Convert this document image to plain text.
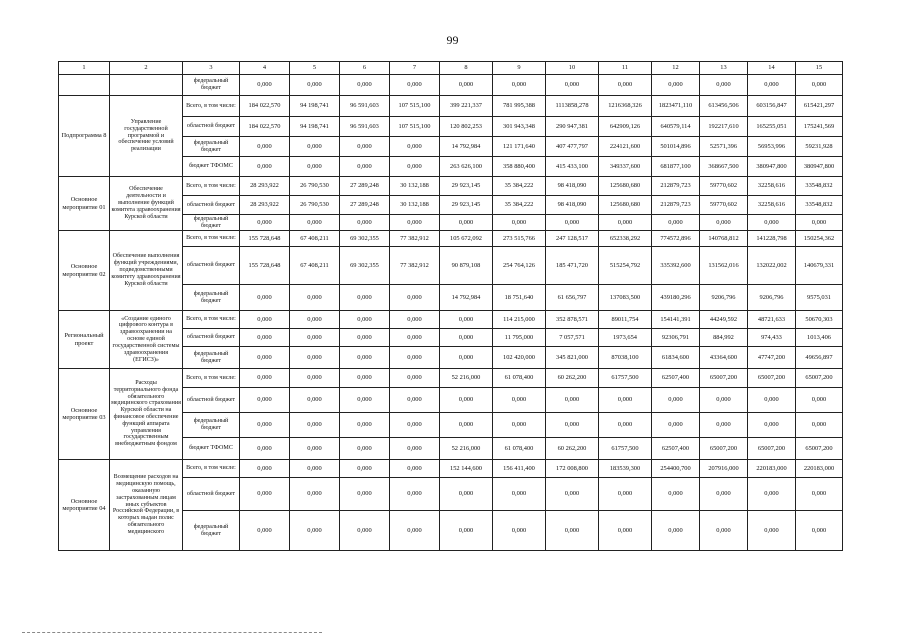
99
1	2	3	4	5	6	7	8	9	10	11	12	13	14	15
		федеральный бюджет	0,000	0,000	0,000	0,000	0,000	0,000	0,000	0,000	0,000	0,000	0,000	0,000
Подпрограмма 8	Управление государственной программой и обеспечение условий реализации	Всего, в том числе:	184 022,570	94 198,741	96 591,603	107 515,100	399 221,337	781 995,388	1113858,278	1216368,326	1823471,110	613456,506	603156,847	615421,297
		областной бюджет	184 022,570	94 198,741	96 591,603	107 515,100	120 802,253	301 943,348	290 947,381	642909,126	640579,114	192217,610	165255,051	175241,569
		федеральный бюджет	0,000	0,000	0,000	0,000	14 792,984	121 171,640	407 477,797	224121,600	501014,896	52571,396	56953,996	59231,928
		бюджет ТФОМС	0,000	0,000	0,000	0,000	263 626,100	358 880,400	415 433,100	349337,600	681877,100	368667,500	380947,800	380947,800
Основное мероприятие 01	Обеспечение деятельности и выполнение функций комитета здравоохранения Курской области	Всего, в том числе:	28 293,922	26 790,530	27 289,248	30 132,188	29 923,145	35 384,222	98 418,090	125680,680	212879,723	59770,602	32258,616	33548,832
		областной бюджет	28 293,922	26 790,530	27 289,248	30 132,188	29 923,145	35 384,222	98 418,090	125680,680	212879,723	59770,602	32258,616	33548,832
		федеральный бюджет	0,000	0,000	0,000	0,000	0,000	0,000	0,000	0,000	0,000	0,000	0,000	0,000
Основное мероприятие 02	Обеспечение выполнения функций учреждениями, подведомственными комитету здравоохранения Курской области	Всего, в том числе:	155 728,648	67 408,211	69 302,355	77 382,912	105 672,092	273 515,766	247 128,517	652338,292	774572,896	140768,812	141228,798	150254,362
		областной бюджет	155 728,648	67 408,211	69 302,355	77 382,912	90 879,108	254 764,126	185 471,720	515254,792	335392,600	131562,016	132022,002	140679,331
		федеральный бюджет	0,000	0,000	0,000	0,000	14 792,984	18 751,640	61 656,797	137083,500	439180,296	9206,796	9206,796	9575,031
Региональный проект	«Создание единого цифрового контура в здравоохранении на основе единой государственной системы здравоохранения (ЕГИСЗ)»	Всего, в том числе:	0,000	0,000	0,000	0,000	0,000	114 215,000	352 878,571	89011,754	154141,391	44249,592	48721,633	50670,303
		областной бюджет	0,000	0,000	0,000	0,000	0,000	11 795,000	7 057,571	1973,654	92306,791	884,992	974,433	1013,406
		федеральный бюджет	0,000	0,000	0,000	0,000	0,000	102 420,000	345 821,000	87038,100	61834,600	43364,600	47747,200	49656,897
Основное мероприятие 03	Расходы территориального фонда обязательного медицинского страхования Курской области на финансовое обеспечение функций аппарата управления государственным внебюджетным фондом	Всего, в том числе:	0,000	0,000	0,000	0,000	52 216,000	61 078,400	60 262,200	61757,500	62507,400	65007,200	65007,200	65007,200
		областной бюджет	0,000	0,000	0,000	0,000	0,000	0,000	0,000	0,000	0,000	0,000	0,000	0,000
		федеральный бюджет	0,000	0,000	0,000	0,000	0,000	0,000	0,000	0,000	0,000	0,000	0,000	0,000
		бюджет ТФОМС	0,000	0,000	0,000	0,000	52 216,000	61 078,400	60 262,200	61757,500	62507,400	65007,200	65007,200	65007,200
Основное мероприятие 04	Возмещение расходов на медицинскую помощь, оказанную застрахованным лицам иных субъектов Российской Федерации, в которых выдан полис обязательного медицинского	Всего, в том числе:	0,000	0,000	0,000	0,000	152 144,600	156 411,400	172 008,800	183539,300	254400,700	207916,000	220183,000	220183,000
		областной бюджет	0,000	0,000	0,000	0,000	0,000	0,000	0,000	0,000	0,000	0,000	0,000	0,000
		федеральный бюджет	0,000	0,000	0,000	0,000	0,000	0,000	0,000	0,000	0,000	0,000	0,000	0,000
